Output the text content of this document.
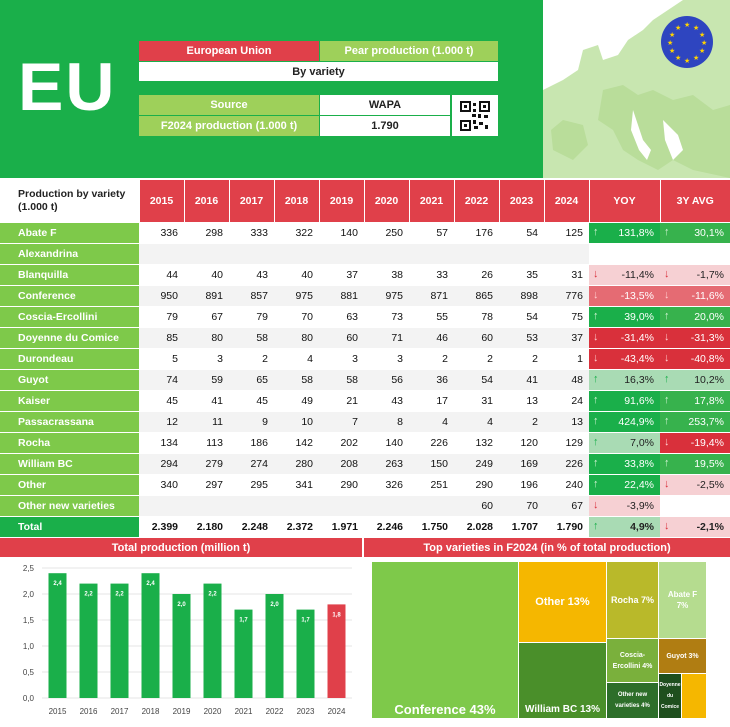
EU	European Union	Pear production (1.000 t)
By variety
Source	WAPA
F2024 production (1.000 t)	1.790
★ ★
★
★
★
★
★
★
★
★
★
★
Production by variety (1.000 t)	2015	2016	2017	2018	2019	2020	2021	2022	2023	2024	YOY	3Y AVG
Abate F	336	298	333	322	140	250	57	176	54	125	↑ 131,8%	↑ 30,1%
Alexandrina												
Blanquilla	44	40	43	40	37	38	33	26	35	31	↓ -11,4%	↓ -1,7%
Conference	950	891	857	975	881	975	871	865	898	776	↓ -13,5%	↓ -11,6%
Coscia-Ercollini	79	67	79	70	63	73	55	78	54	75	↑ 39,0%	↑ 20,0%
Doyenne du Comice	85	80	58	80	60	71	46	60	53	37	↓ -31,4%	↓ -31,3%
Durondeau	5	3	2	4	3	3	2	2	2	1	↓ -43,4%	↓ -40,8%
Guyot	74	59	65	58	58	56	36	54	41	48	↑ 16,3%	↑ 10,2%
Kaiser	45	41	45	49	21	43	17	31	13	24	↑ 91,6%	↑ 17,8%
Passacrassana	12	11	9	10	7	8	4	4	2	13	↑ 424,9%	↑ 253,7%
Rocha	134	113	186	142	202	140	226	132	120	129	↑ 7,0%	↓ -19,4%
William BC	294	279	274	280	208	263	150	249	169	226	↑ 33,8%	↑ 19,5%
Other	340	297	295	341	290	326	251	290	196	240	↑ 22,4%	↓ -2,5%
Other new varieties								60	70	67	↓ -3,9%	
Total	2.399	2.180	2.248	2.372	1.971	2.246	1.750	2.028	1.707	1.790	↑ 4,9%	↓ -2,1%
Total production (million t)	Top varieties in F2024 (in % of total production)
0,0
0,5
1,0
1,5
2,0
2,5
2,4
2015
2,2
2016
2,2
2017
2,4
2018
2,0
2019
2,2
2020
1,7
2021
2,0
2022
1,7
2023
1,8
2024	Conference 43%
Other 13%
William BC 13%
Rocha 7%	Abate F 7%
Coscia-Ercollini 4%
Guyot 3%
Other new varieties 4%
Doyenne du Comice
